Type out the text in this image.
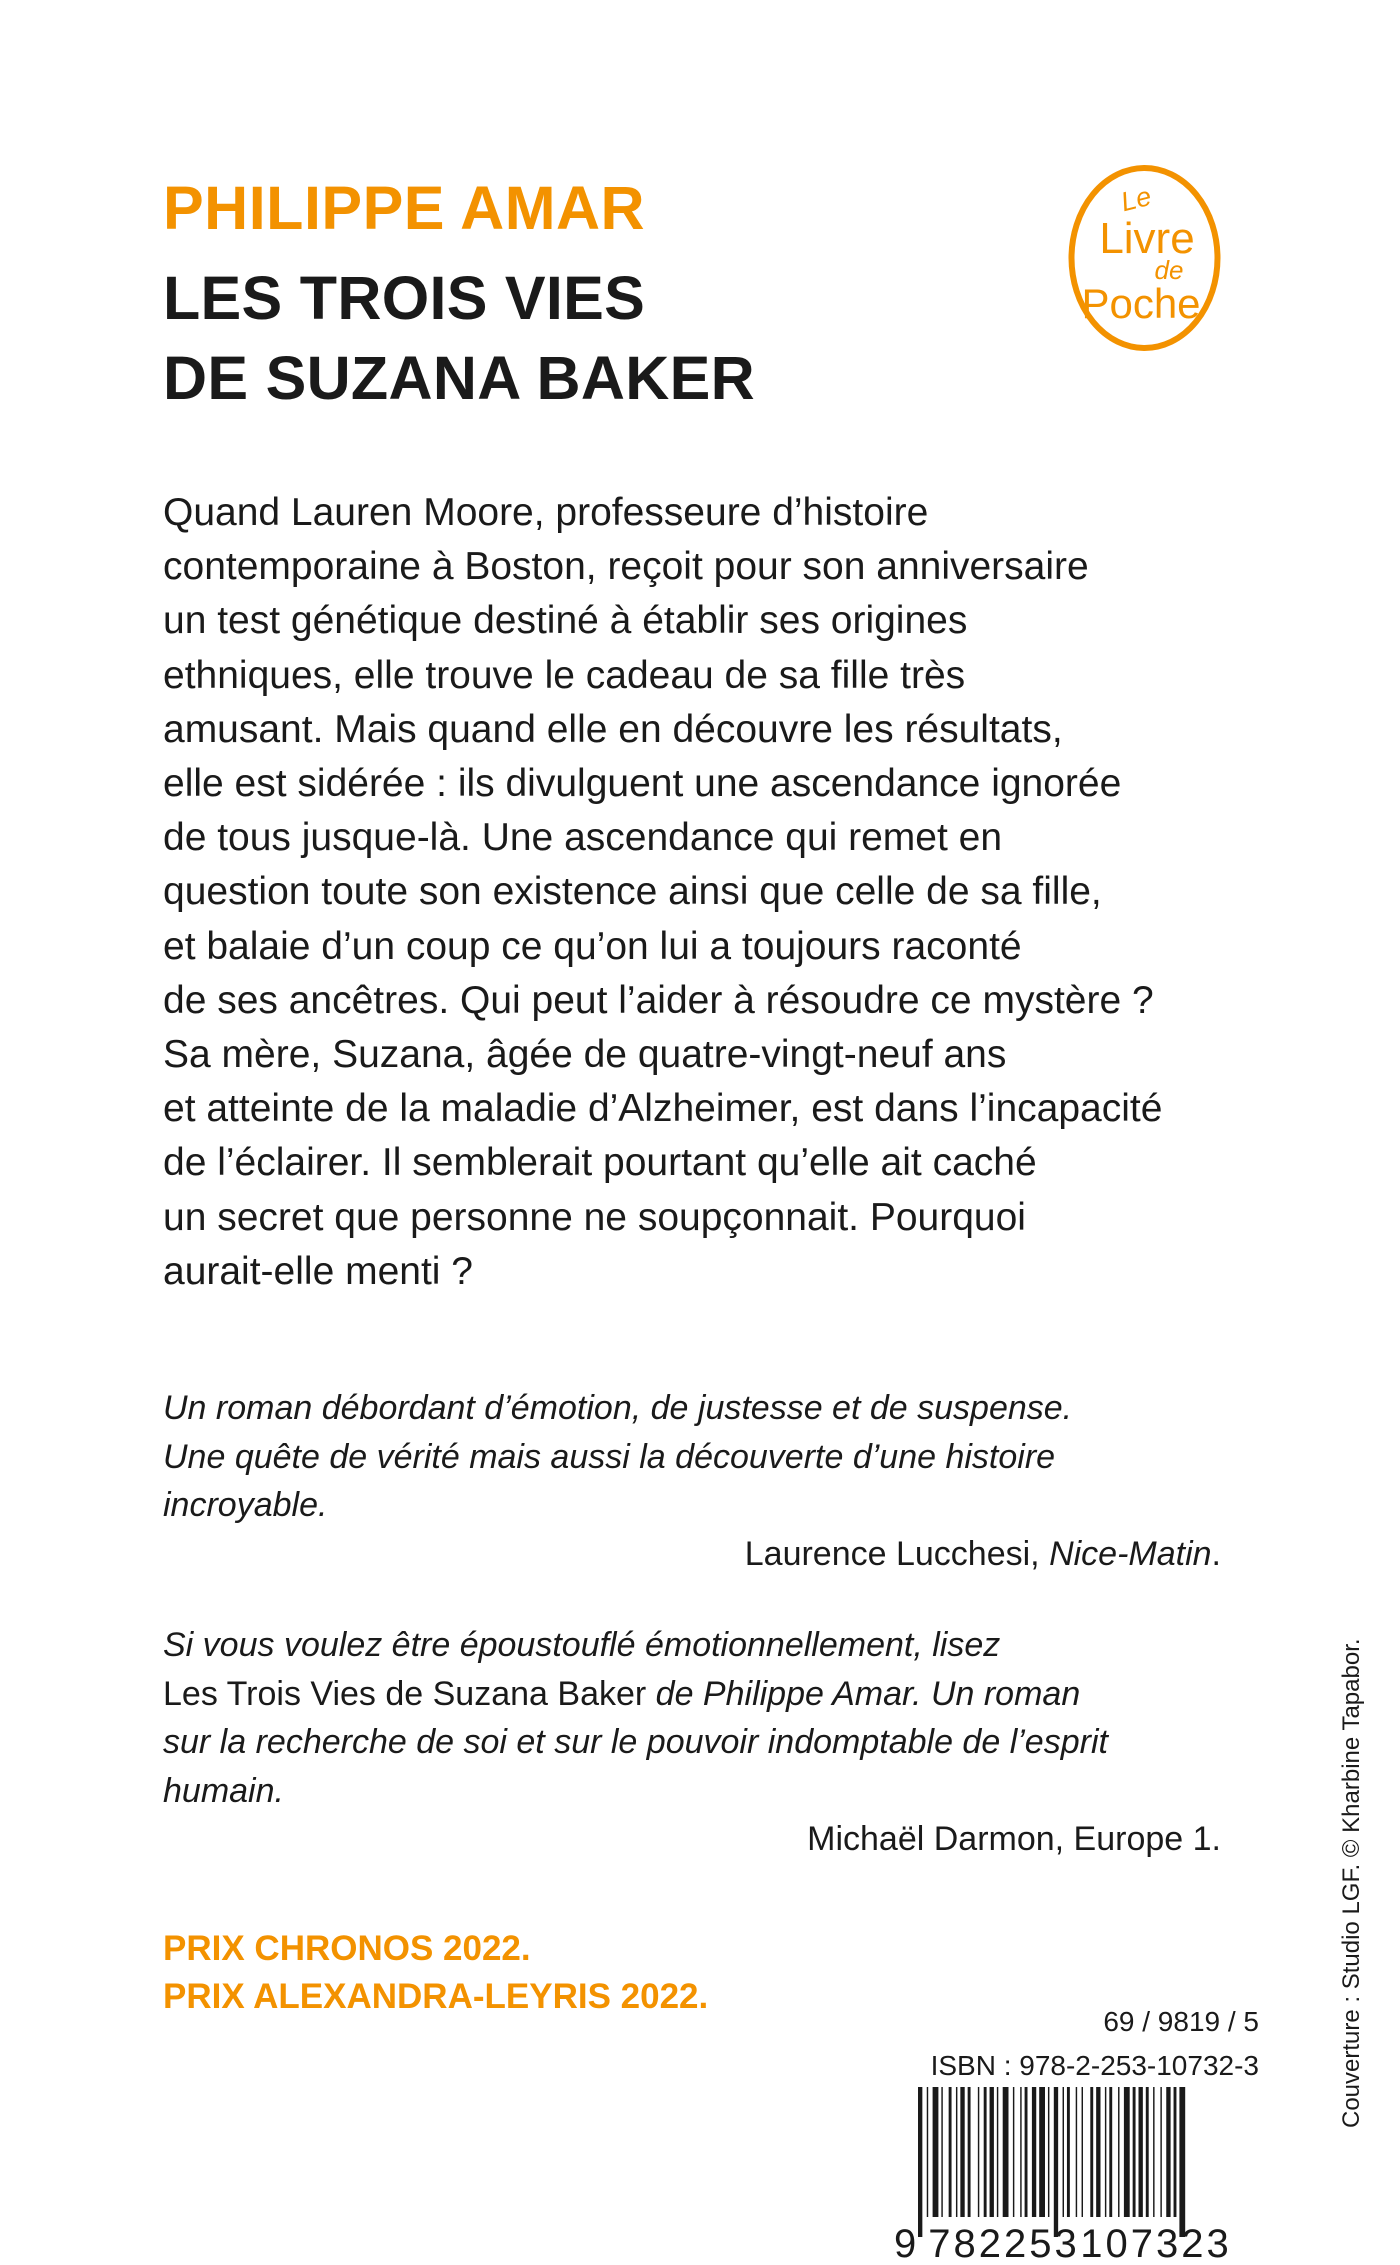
PHILIPPE AMAR
LES TROIS VIES
DE SUZANA BAKER
Le
Livre
de
Poche
Quand Lauren Moore, professeure d’histoire
contemporaine à Boston, reçoit pour son anniversaire
un test génétique destiné à établir ses origines
ethniques, elle trouve le cadeau de sa fille très
amusant. Mais quand elle en découvre les résultats,
elle est sidérée : ils divulguent une ascendance ignorée
de tous jusque-là. Une ascendance qui remet en
question toute son existence ainsi que celle de sa fille,
et balaie d’un coup ce qu’on lui a toujours raconté
de ses ancêtres. Qui peut l’aider à résoudre ce mystère ?
Sa mère, Suzana, âgée de quatre-vingt-neuf ans
et atteinte de la maladie d’Alzheimer, est dans l’incapacité
de l’éclairer. Il semblerait pourtant qu’elle ait caché
un secret que personne ne soupçonnait. Pourquoi
aurait-elle menti ?
Un roman débordant d’émotion, de justesse et de suspense.
Une quête de vérité mais aussi la découverte d’une histoire
incroyable.
Laurence Lucchesi, Nice-Matin.
Si vous voulez être époustouflé émotionnellement, lisez
Les Trois Vies de Suzana Baker de Philippe Amar. Un roman
sur la recherche de soi et sur le pouvoir indomptable de l’esprit
humain.
Michaël Darmon, Europe 1.
PRIX CHRONOS 2022.
PRIX ALEXANDRA-LEYRIS 2022.
69 / 9819 / 5
ISBN : 978-2-253-10732-3
9 782253 107323
Couverture : Studio LGF. © Kharbine Tapabor.
